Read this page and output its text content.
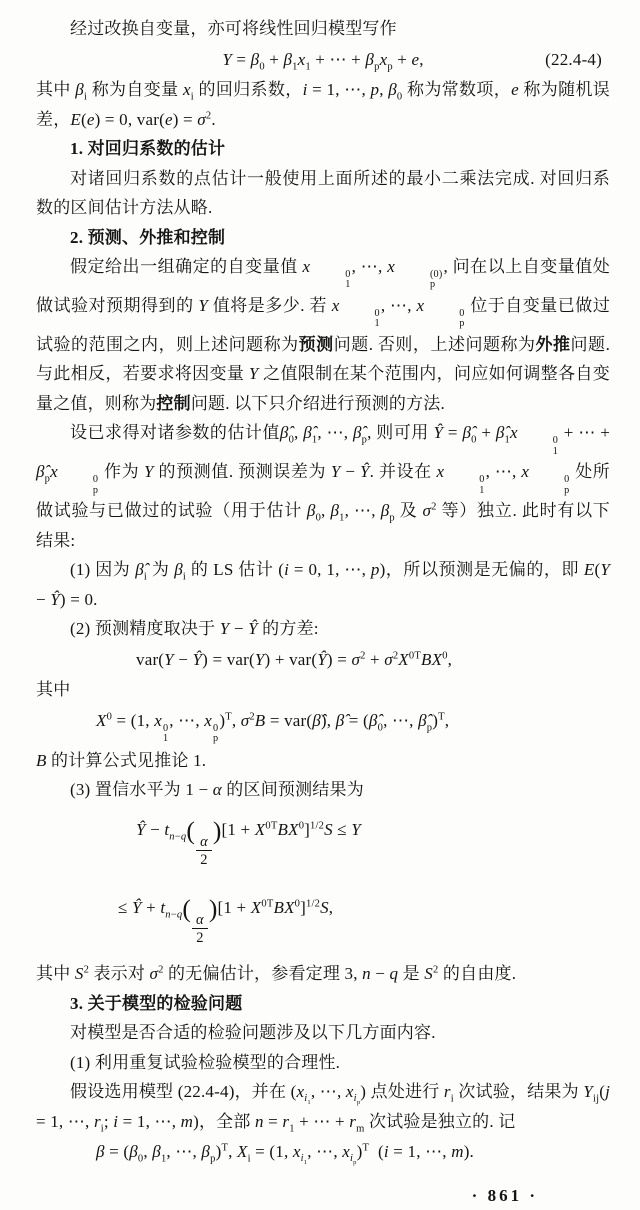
经过改换自变量，亦可将线性回归模型写作
$Y = \beta_0 + \beta_1x_1$ + ⋯ + $\beta_px_p + e$,	(22.4-4)
其中 $\beta_i$ 称为自变量 $x_i$ 的回归系数，i = 1, ⋯, p, $\beta_0$ 称为常数项，e 称为随机误差，E(e) = 0, $var(e) = \sigma^2$.
1. 对回归系数的估计
对诸回归系数的点估计一般使用上面所述的最小二乘法完成. 对回归系数的区间估计方法从略.
2. 预测、外推和控制
假定给出一组确定的自变量值 x	0
1
, ⋯, x	(0)
p
, 问在以上自变量值处做试验对预期得到的 Y 值将是多少. 若 x	0
1
, ⋯, x	0
p
位于自变量已做过试验的范围之内，则上述问题称为预测问题. 否则，上述问题称为外推问题. 与此相反，若要求将因变量 Y 之值限制在某个范围内，问应如何调整各自变量之值，则称为控制问题. 以下只介绍进行预测的方法.
设已求得对诸参数的估计值$\betâ_0$, $\betâ_1$, ⋯, $\betâ_p$, 则可用 Ŷ = $\betâ_0$ + $\betâ_1x$	0
1
+ ⋯ + $\betâ_px$	0
p
作为 Y 的预测值. 预测误差为 Y − Ŷ. 并设在 x	0
1
, ⋯, x	0
p
处所做试验与已做过的试验（用于估计 $\beta_0$, $\beta_1$, ⋯, $\beta_p$ 及 $\sigma^2$ 等）独立. 此时有以下结果:
(1) 因为 $\betâ_i$ 为 $\beta_i$ 的 LS 估计 (i = 0, 1, ⋯, p)，所以预测是无偏的，即 E(Y − Ŷ) = 0.
(2) 预测精度取决于 Y − Ŷ 的方差:
var(Y − Ŷ) = var(Y) + var(Ŷ) = $\sigma^2 + \sigma^2X^{0T}BX^0$,
其中
$X^0 = (1$, x 0
1
, ⋯, x 0
p
)$^T$, $\sigma^2B$ = var(β̂), β̂ = ($\betâ_0$, ⋯, $\betâ_p)^T$,
B 的计算公式见推论 1.
(3) 置信水平为 1 − α 的区间预测结果为
Ŷ − $t_{n-q}$(
$\frac{\alpha}{2}$
)$[1 + X^{0T}BX^0]^{1/2}S \le Y$
≤ Ŷ + $t_{n-q}$(
$\frac{\alpha}{2}$
)$[1 + X^{0T}BX^0]^{1/2}S$,
其中 $S^2$ 表示对 $\sigma^2$ 的无偏估计，参看定理 3, n − q 是 $S^2$ 的自由度.
3. 关于模型的检验问题
对模型是否合适的检验问题涉及以下几方面内容.
(1) 利用重复试验检验模型的合理性.
假设选用模型 (22.4-4)，并在 ($x_{i_1}$, ⋯, $x_{i_p}$) 点处进行 $r_i$ 次试验，结果为 $Y_{ij}(j = 1$, ⋯, $r_i$; i = 1, ⋯, m)，全部 $n = r_1$ + ⋯ + $r_m$ 次试验是独立的. 记
$\beta = (\beta_0$, $\beta_1$, ⋯, $\beta_p)^T$, $X_i = (1$, $x_{i_1}$, ⋯, $x_{i_p})^T$  (i = 1, ⋯, m).
· 861 ·
